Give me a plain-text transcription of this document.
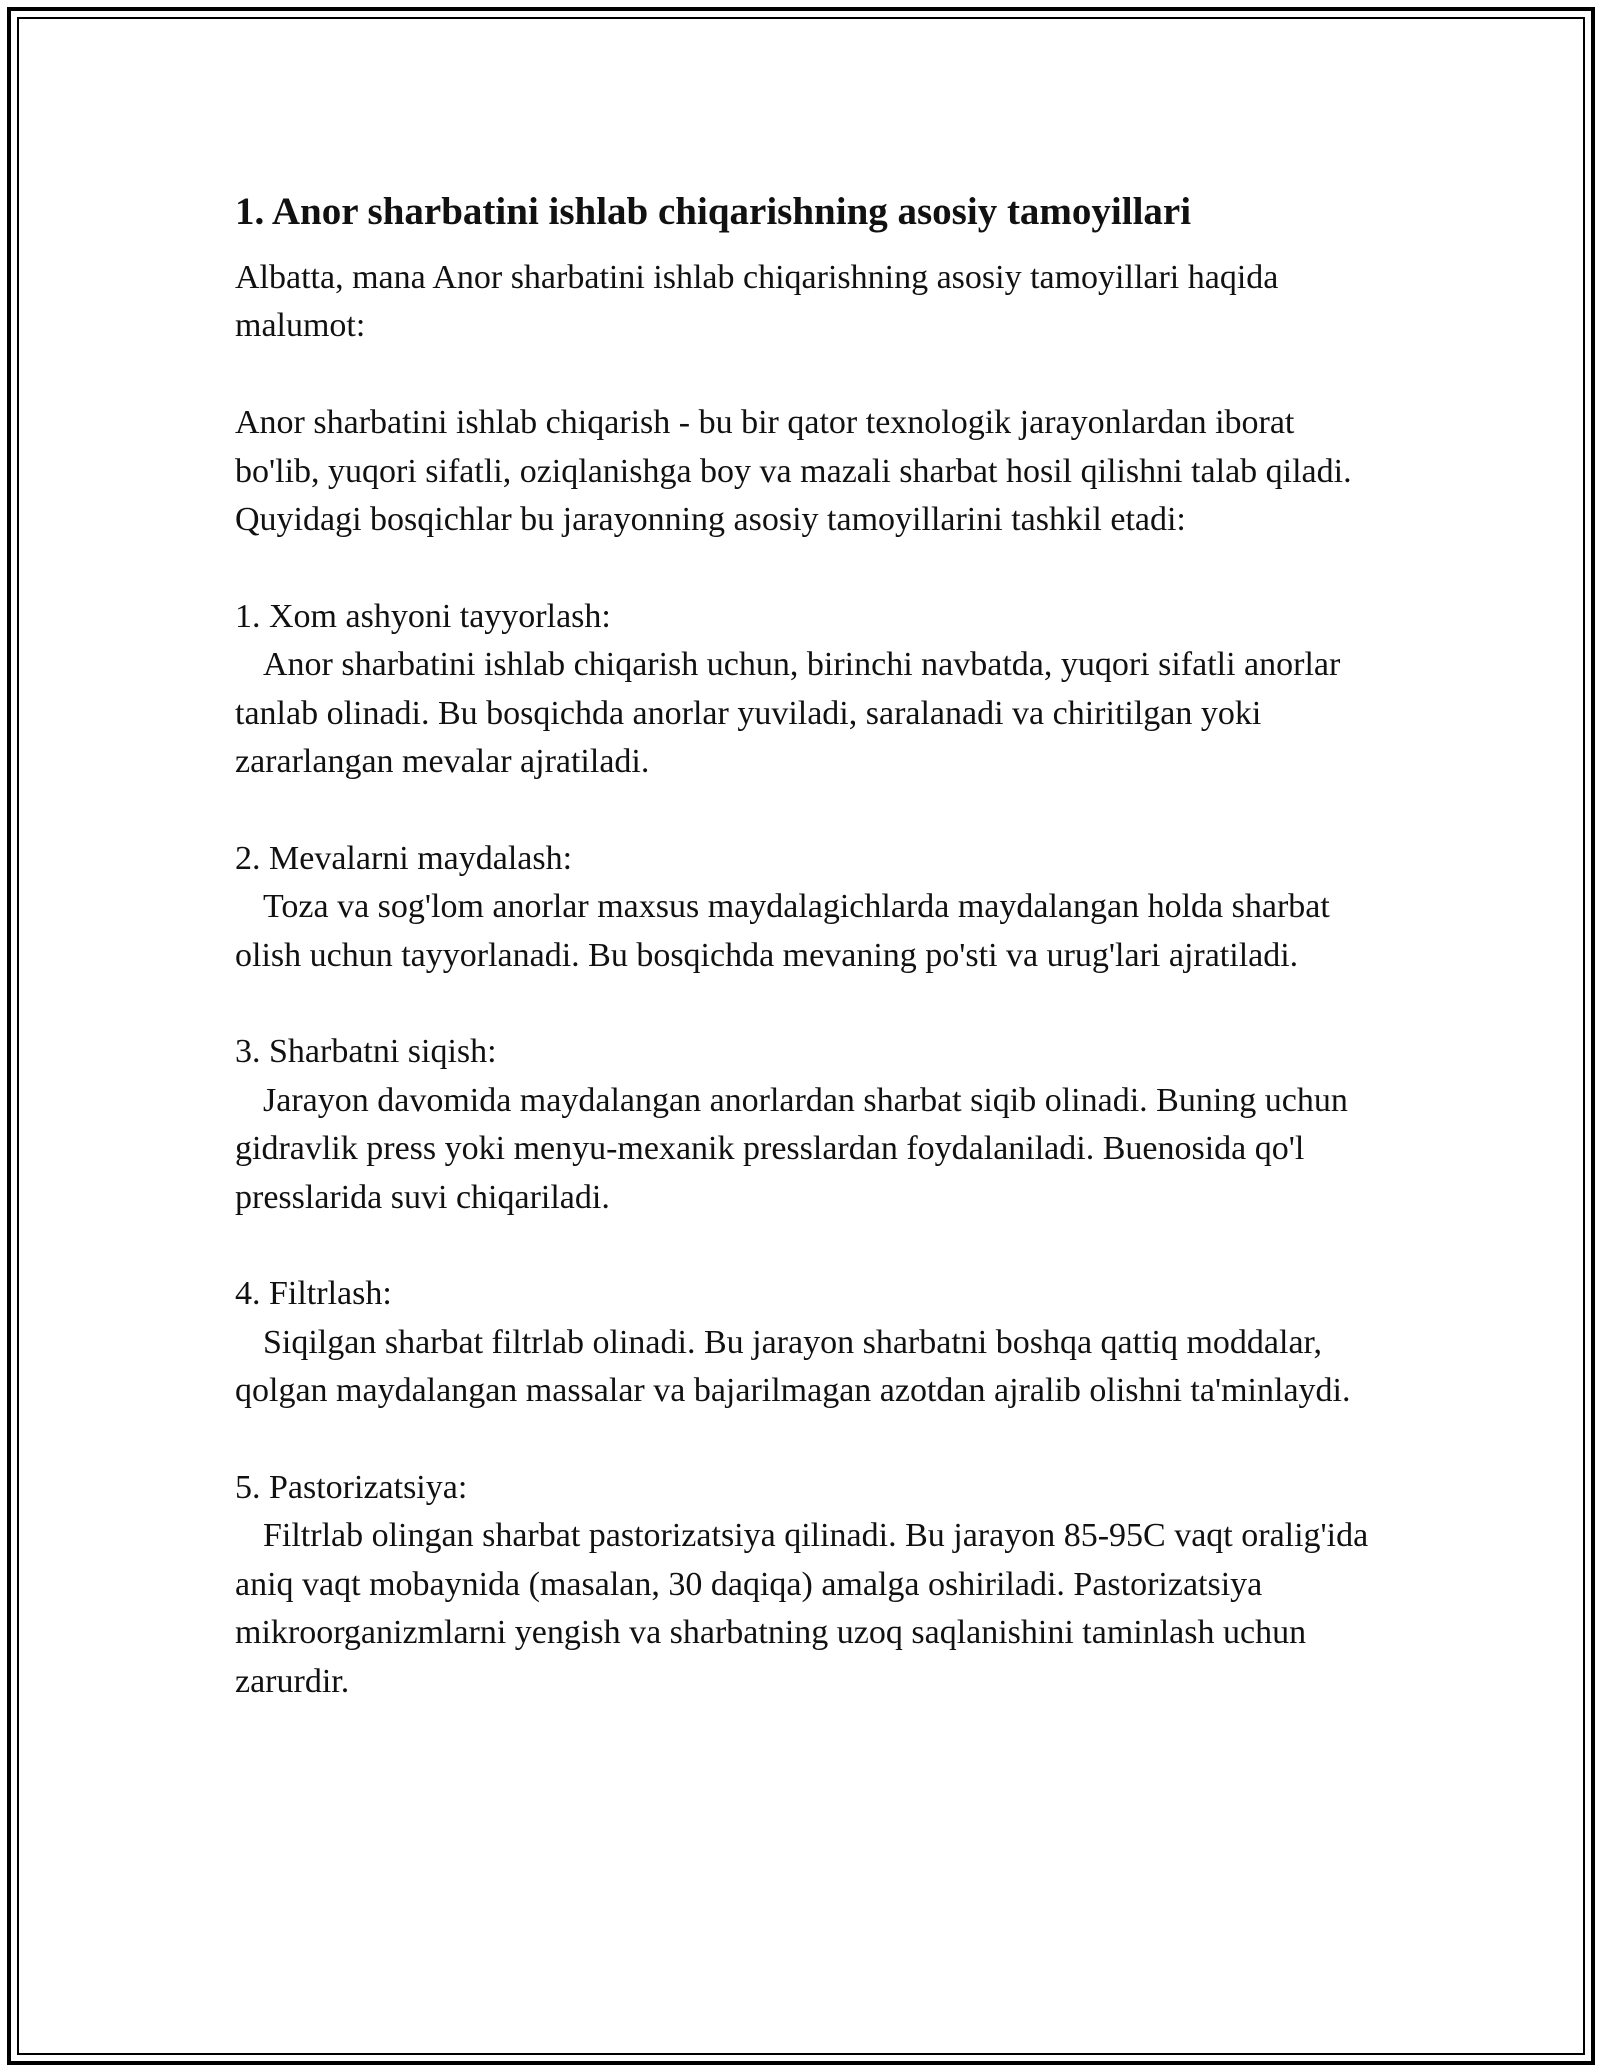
1. Anor sharbatini ishlab chiqarishning asosiy tamoyillari

Albatta, mana Anor sharbatini ishlab chiqarishning asosiy tamoyillari haqida malumot:

Anor sharbatini ishlab chiqarish - bu bir qator texnologik jarayonlardan iborat bo'lib, yuqori sifatli, oziqlanishga boy va mazali sharbat hosil qilishni talab qiladi. Quyidagi bosqichlar bu jarayonning asosiy tamoyillarini tashkil etadi:

1. Xom ashyoni tayyorlash:

Anor sharbatini ishlab chiqarish uchun, birinchi navbatda, yuqori sifatli anorlar tanlab olinadi. Bu bosqichda anorlar yuviladi, saralanadi va chiritilgan yoki zararlangan mevalar ajratiladi.

2. Mevalarni maydalash:

Toza va sog'lom anorlar maxsus maydalagichlarda maydalangan holda sharbat olish uchun tayyorlanadi. Bu bosqichda mevaning po'sti va urug'lari ajratiladi.

3. Sharbatni siqish:

Jarayon davomida maydalangan anorlardan sharbat siqib olinadi. Buning uchun gidravlik press yoki menyu-mexanik presslardan foydalaniladi. Buenosida qo'l presslarida suvi chiqariladi.

4. Filtrlash:

Siqilgan sharbat filtrlab olinadi. Bu jarayon sharbatni boshqa qattiq moddalar, qolgan maydalangan massalar va bajarilmagan azotdan ajralib olishni ta'minlaydi.

5. Pastorizatsiya:

Filtrlab olingan sharbat pastorizatsiya qilinadi. Bu jarayon 85-95C vaqt oralig'ida aniq vaqt mobaynida (masalan, 30 daqiqa) amalga oshiriladi. Pastorizatsiya mikroorganizmlarni yengish va sharbatning uzoq saqlanishini taminlash uchun zarurdir.
